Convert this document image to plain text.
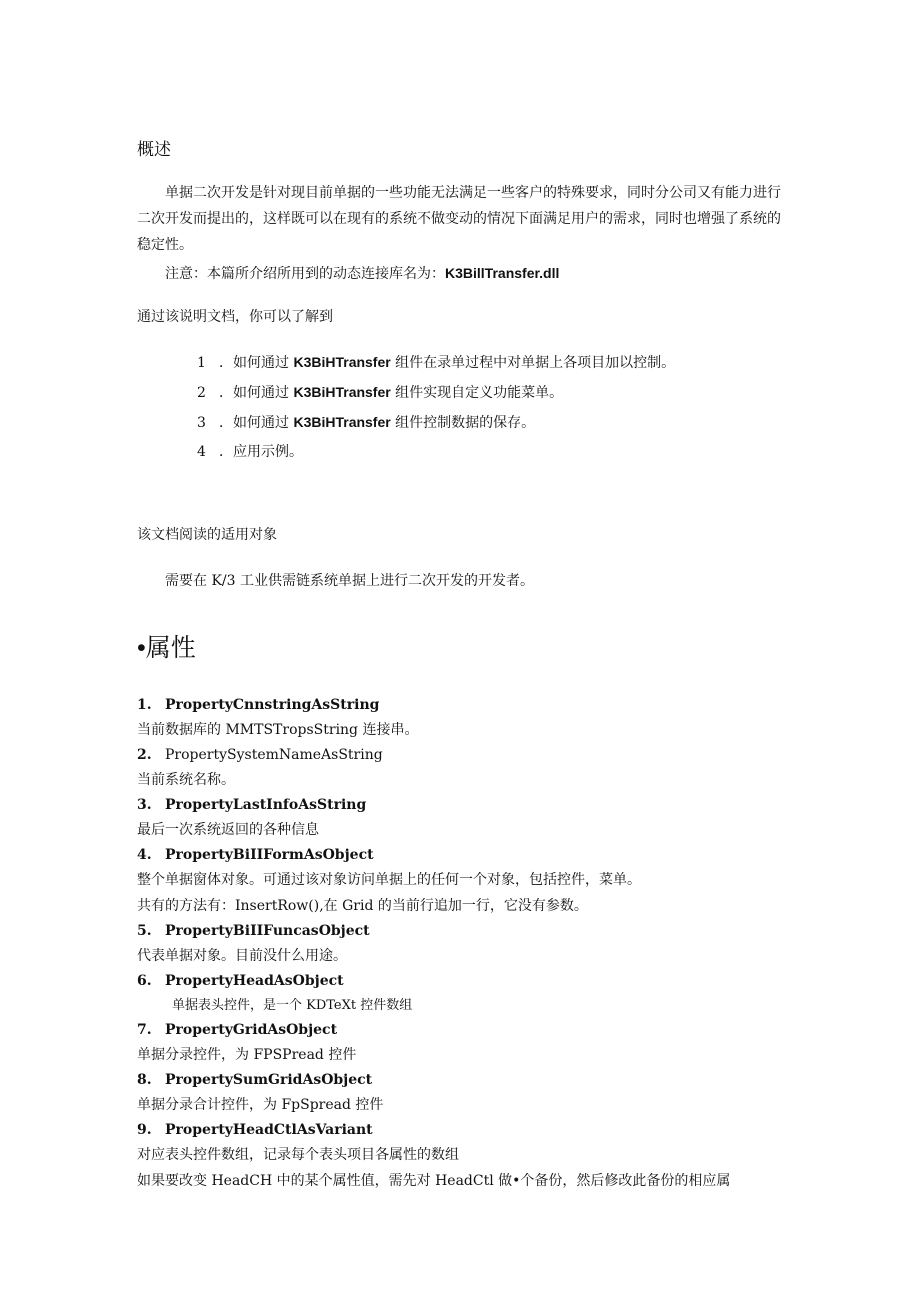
概述
单据二次开发是针对现目前单据的一些功能无法满足一些客户的特殊要求，同时分公司又有能力进行
二次开发而提出的，这样既可以在现有的系统不做变动的情况下面满足用户的需求，同时也增强了系统的
稳定性。
注意：本篇所介绍所用到的动态连接库名为：K3BillTransfer.dll
通过该说明文档，你可以了解到
1 ．如何通过 K3BiHTransfer 组件在录单过程中对单据上各项目加以控制。
2 ．如何通过 K3BiHTransfer 组件实现自定义功能菜单。
3 ．如何通过 K3BiHTransfer 组件控制数据的保存。
4 ．应用示例。
该文档阅读的适用对象
需要在 K/3 工业供需链系统单据上进行二次开发的开发者。
•属性
1. PropertyCnnstringAsString
当前数据库的 MMTSTropsString 连接串。
2. PropertySystemNameAsString
当前系统名称。
3. PropertyLastInfoAsString
最后一次系统返回的各种信息
4. PropertyBiIIFormAsObject
整个单据窗体对象。可通过该对象访问单据上的任何一个对象，包括控件，菜单。
共有的方法有：InsertRow(),在 Grid 的当前行追加一行，它没有参数。
5. PropertyBiIIFuncasObject
代表单据对象。目前没什么用途。
6. PropertyHeadAsObject
单据表头控件，是一个 KDTeXt 控件数组
7. PropertyGridAsObject
单据分录控件，为 FPSPread 控件
8. PropertySumGridAsObject
单据分录合计控件，为 FpSpread 控件
9. PropertyHeadCtlAsVariant
对应表头控件数组，记录每个表头项目各属性的数组
如果要改变 HeadCH 中的某个属性值，需先对 HeadCtl 做•个备份，然后修改此备份的相应属
